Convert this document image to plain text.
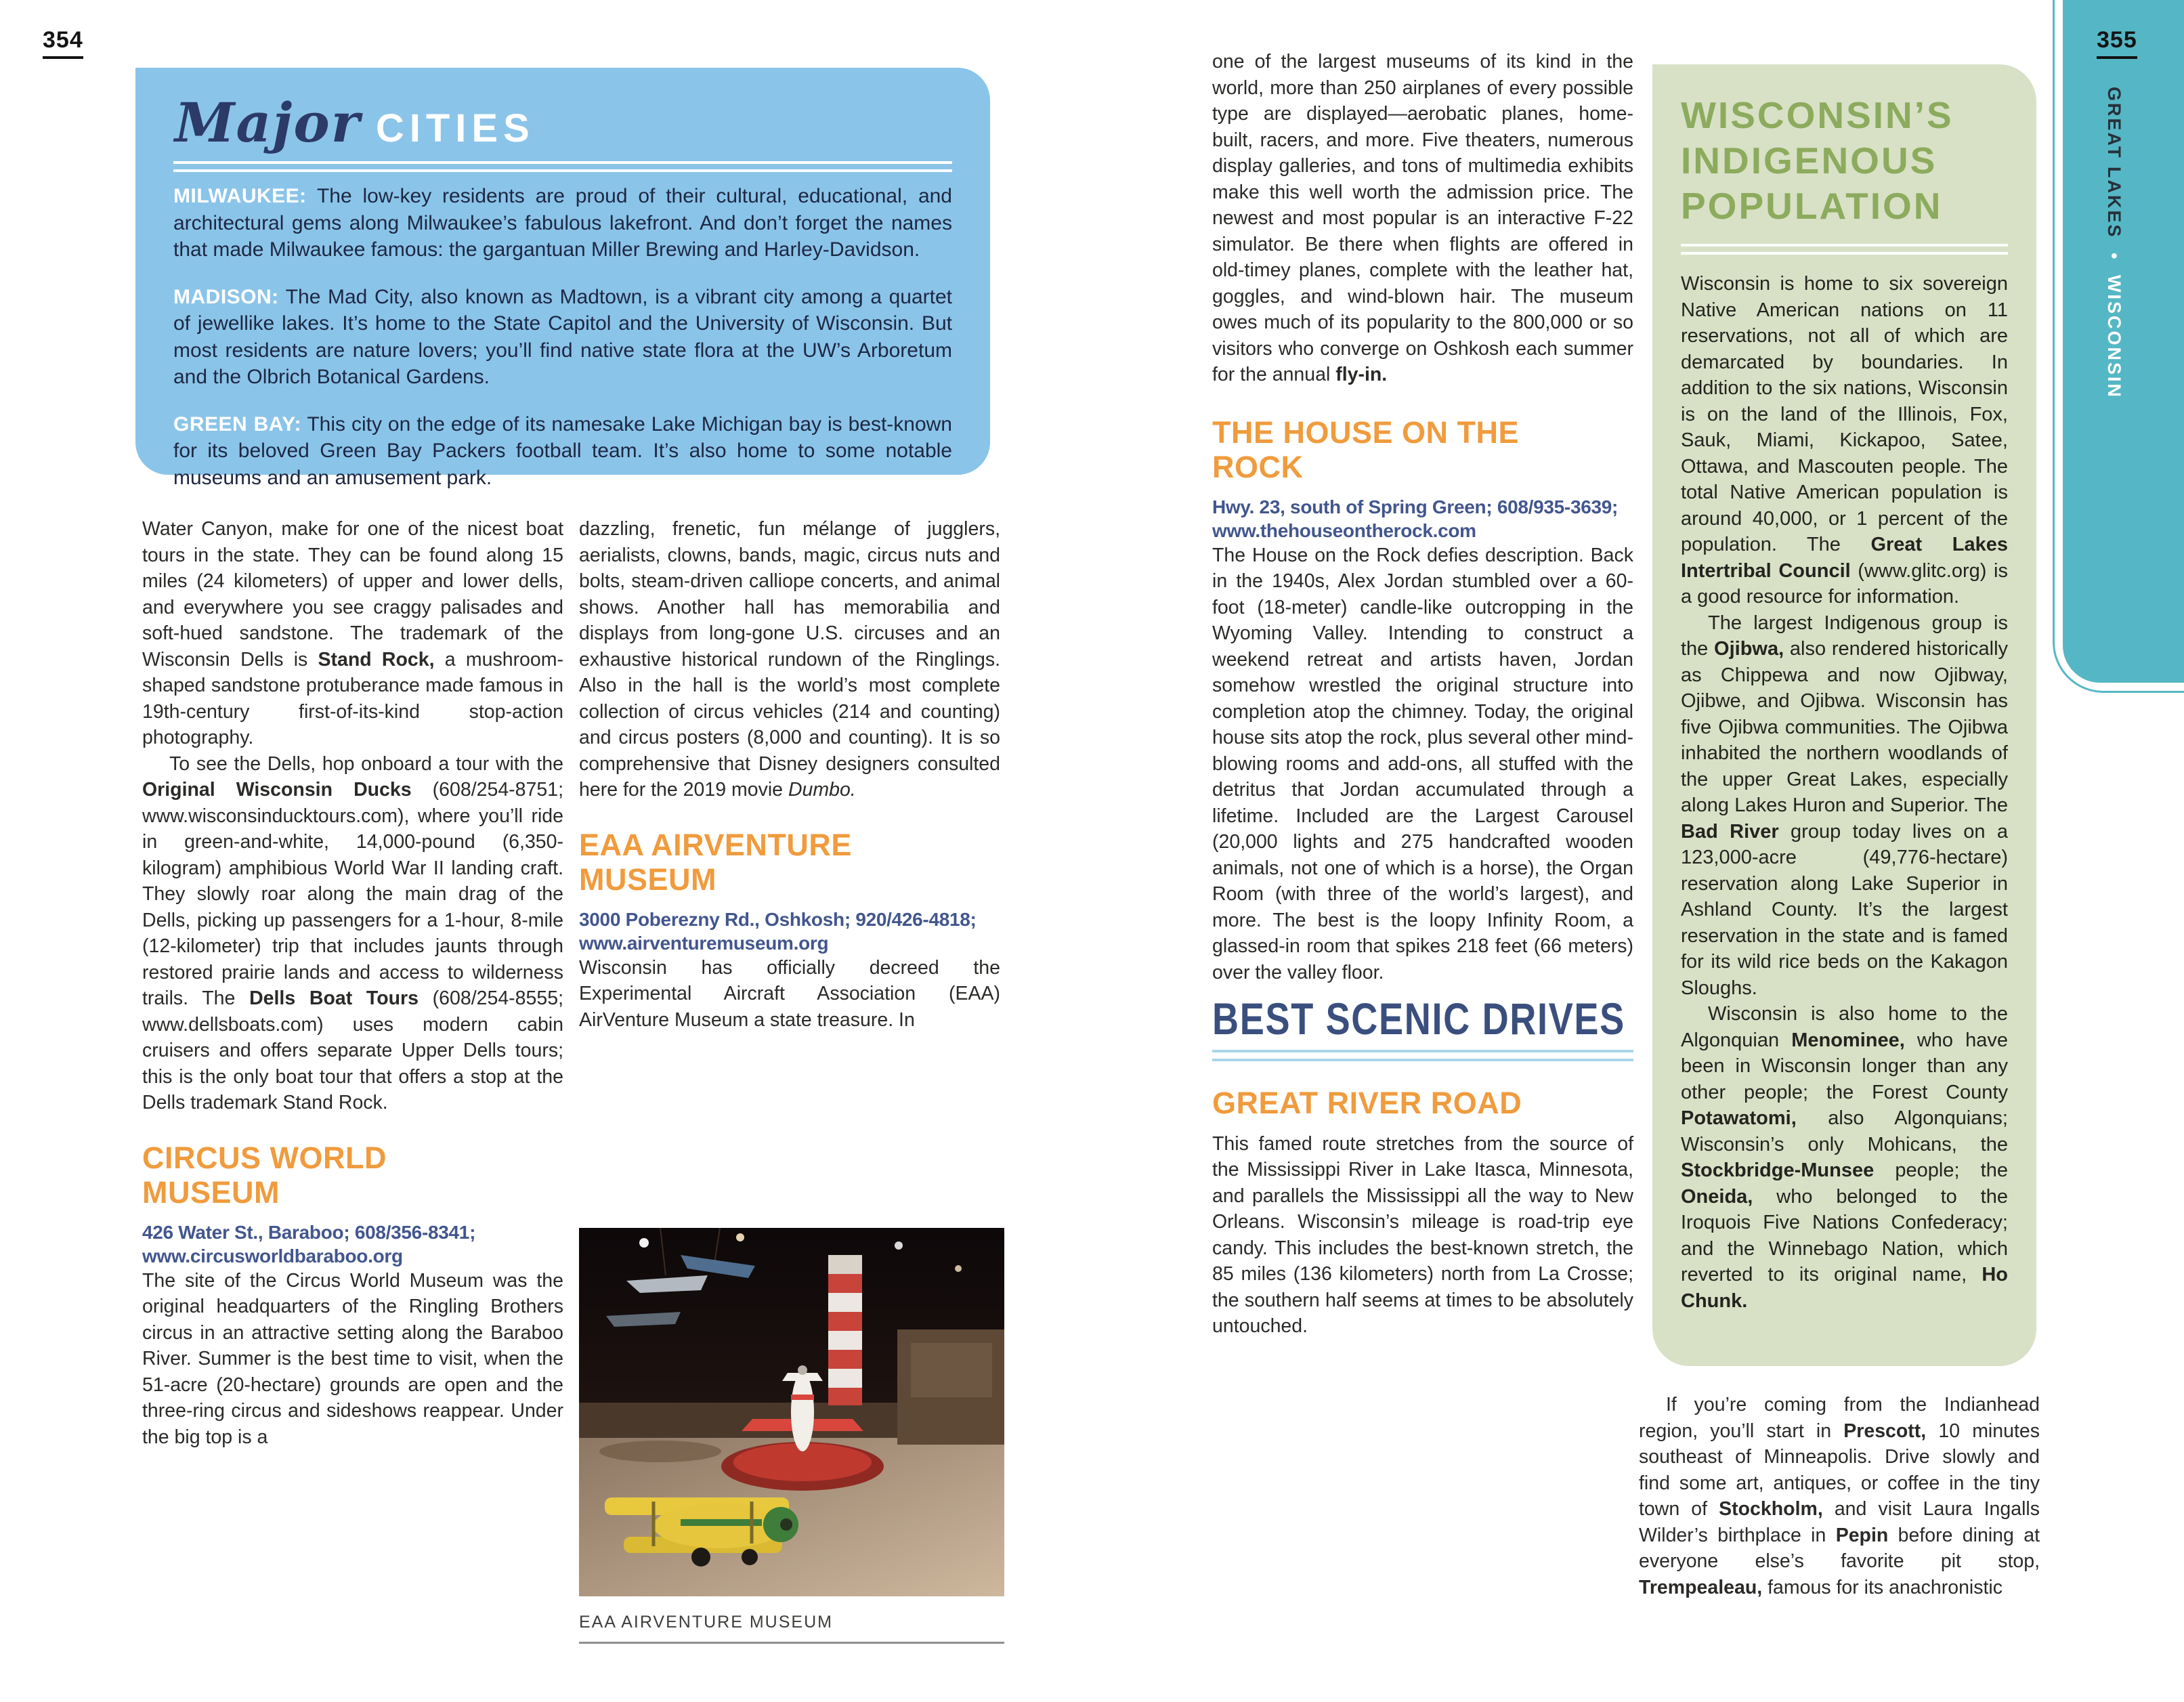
354
Major CITIES

MILWAUKEE: The low-key residents are proud of their cultural, educational, and architectural gems along Milwaukee’s fabulous lakefront. And don’t forget the names that made Milwaukee famous: the gargantuan Miller Brewing and Harley-Davidson.

MADISON: The Mad City, also known as Madtown, is a vibrant city among a quartet of jewellike lakes. It’s home to the State Capitol and the University of Wisconsin. But most residents are nature lovers; you’ll find native state flora at the UW’s Arboretum and the Olbrich Botanical Gardens.

GREEN BAY: This city on the edge of its namesake Lake Michigan bay is best-known for its beloved Green Bay Packers football team. It’s also home to some notable museums and an amusement park.

Water Canyon, make for one of the nicest boat tours in the state. They can be found along 15 miles (24 kilometers) of upper and lower dells, and everywhere you see craggy palisades and soft-hued sandstone. The trademark of the Wisconsin Dells is Stand Rock, a mushroom-shaped sandstone protuberance made famous in 19th-century first-of-its-kind stop-action photography.

To see the Dells, hop onboard a tour with the Original Wisconsin Ducks (608/254-8751; www.wisconsinducktours.com), where you’ll ride in green-and-white, 14,000-pound (6,350-kilogram) amphibious World War II landing craft. They slowly roar along the main drag of the Dells, picking up passengers for a 1-hour, 8-mile (12-kilometer) trip that includes jaunts through restored prairie lands and access to wilderness trails. The Dells Boat Tours (608/254-8555; www.dellsboats.com) uses modern cabin cruisers and offers separate Upper Dells tours; this is the only boat tour that offers a stop at the Dells trademark Stand Rock.

CIRCUS WORLD MUSEUM

426 Water St., Baraboo; 608/356-8341; www.circusworldbaraboo.org

The site of the Circus World Museum was the original headquarters of the Ringling Brothers circus in an attractive setting along the Baraboo River. Summer is the best time to visit, when the 51-acre (20-hectare) grounds are open and the three-ring circus and sideshows reappear. Under the big top is a

dazzling, frenetic, fun mélange of jugglers, aerialists, clowns, bands, magic, circus nuts and bolts, steam-driven calliope concerts, and animal shows. Another hall has memorabilia and displays from long-gone U.S. circuses and an exhaustive historical rundown of the Ringlings. Also in the hall is the world’s most complete collection of circus vehicles (214 and counting) and circus posters (8,000 and counting). It is so comprehensive that Disney designers consulted here for the 2019 movie Dumbo.

EAA AIRVENTURE MUSEUM

3000 Poberezny Rd., Oshkosh; 920/426-4818; www.airventuremuseum.org

Wisconsin has officially decreed the Experimental Aircraft Association (EAA) AirVenture Museum a state treasure. In

EAA AIRVENTURE MUSEUM

one of the largest museums of its kind in the world, more than 250 airplanes of every possible type are displayed—aerobatic planes, home-built, racers, and more. Five theaters, numerous display galleries, and tons of multimedia exhibits make this well worth the admission price. The newest and most popular is an interactive F-22 simulator. Be there when flights are offered in old-timey planes, complete with the leather hat, goggles, and wind-blown hair. The museum owes much of its popularity to the 800,000 or so visitors who converge on Oshkosh each summer for the annual fly-in.

THE HOUSE ON THE ROCK

Hwy. 23, south of Spring Green; 608/935-3639; www.thehouseontherock.com

The House on the Rock defies description. Back in the 1940s, Alex Jordan stumbled over a 60-foot (18-meter) candle-like outcropping in the Wyoming Valley. Intending to construct a weekend retreat and artists haven, Jordan somehow wrestled the original structure into completion atop the chimney. Today, the original house sits atop the rock, plus several other mind-blowing rooms and add-ons, all stuffed with the detritus that Jordan accumulated through a lifetime. Included are the Largest Carousel (20,000 lights and 275 handcrafted wooden animals, not one of which is a horse), the Organ Room (with three of the world’s largest), and more. The best is the loopy Infinity Room, a glassed-in room that spikes 218 feet (66 meters) over the valley floor.

BEST SCENIC DRIVES
GREAT RIVER ROAD

This famed route stretches from the source of the Mississippi River in Lake Itasca, Minnesota, and parallels the Mississippi all the way to New Orleans. Wisconsin’s mileage is road-trip eye candy. This includes the best-known stretch, the 85 miles (136 kilometers) north from La Crosse; the southern half seems at times to be absolutely untouched.

WISCONSIN’S
INDIGENOUS
POPULATION

Wisconsin is home to six sovereign Native American nations on 11 reservations, not all of which are demarcated by boundaries. In addition to the six nations, Wisconsin is on the land of the Illinois, Fox, Sauk, Miami, Kickapoo, Satee, Ottawa, and Mascouten people. The total Native American population is around 40,000, or 1 percent of the population. The Great Lakes Intertribal Council (www.glitc.org) is a good resource for information.

The largest Indigenous group is the Ojibwa, also rendered historically as Chippewa and now Ojibway, Ojibwe, and Ojibwa. Wisconsin has five Ojibwa communities. The Ojibwa inhabited the northern woodlands of the upper Great Lakes, especially along Lakes Huron and Superior. The Bad River group today lives on a 123,000-acre (49,776-hectare) reservation along Lake Superior in Ashland County. It’s the largest reservation in the state and is famed for its wild rice beds on the Kakagon Sloughs.

Wisconsin is also home to the Algonquian Menominee, who have been in Wisconsin longer than any other people; the Forest County Potawatomi, also Algonquians; Wisconsin’s only Mohicans, the Stockbridge-Munsee people; the Oneida, who belonged to the Iroquois Five Nations Confederacy; and the Winnebago Nation, which reverted to its original name, Ho Chunk.

If you’re coming from the Indianhead region, you’ll start in Prescott, 10 minutes southeast of Minneapolis. Drive slowly and find some art, antiques, or coffee in the tiny town of Stockholm, and visit Laura Ingalls Wilder’s birthplace in Pepin before dining at everyone else’s favorite pit stop, Trempealeau, famous for its anachronistic

355
GREAT LAKES • WISCONSIN
